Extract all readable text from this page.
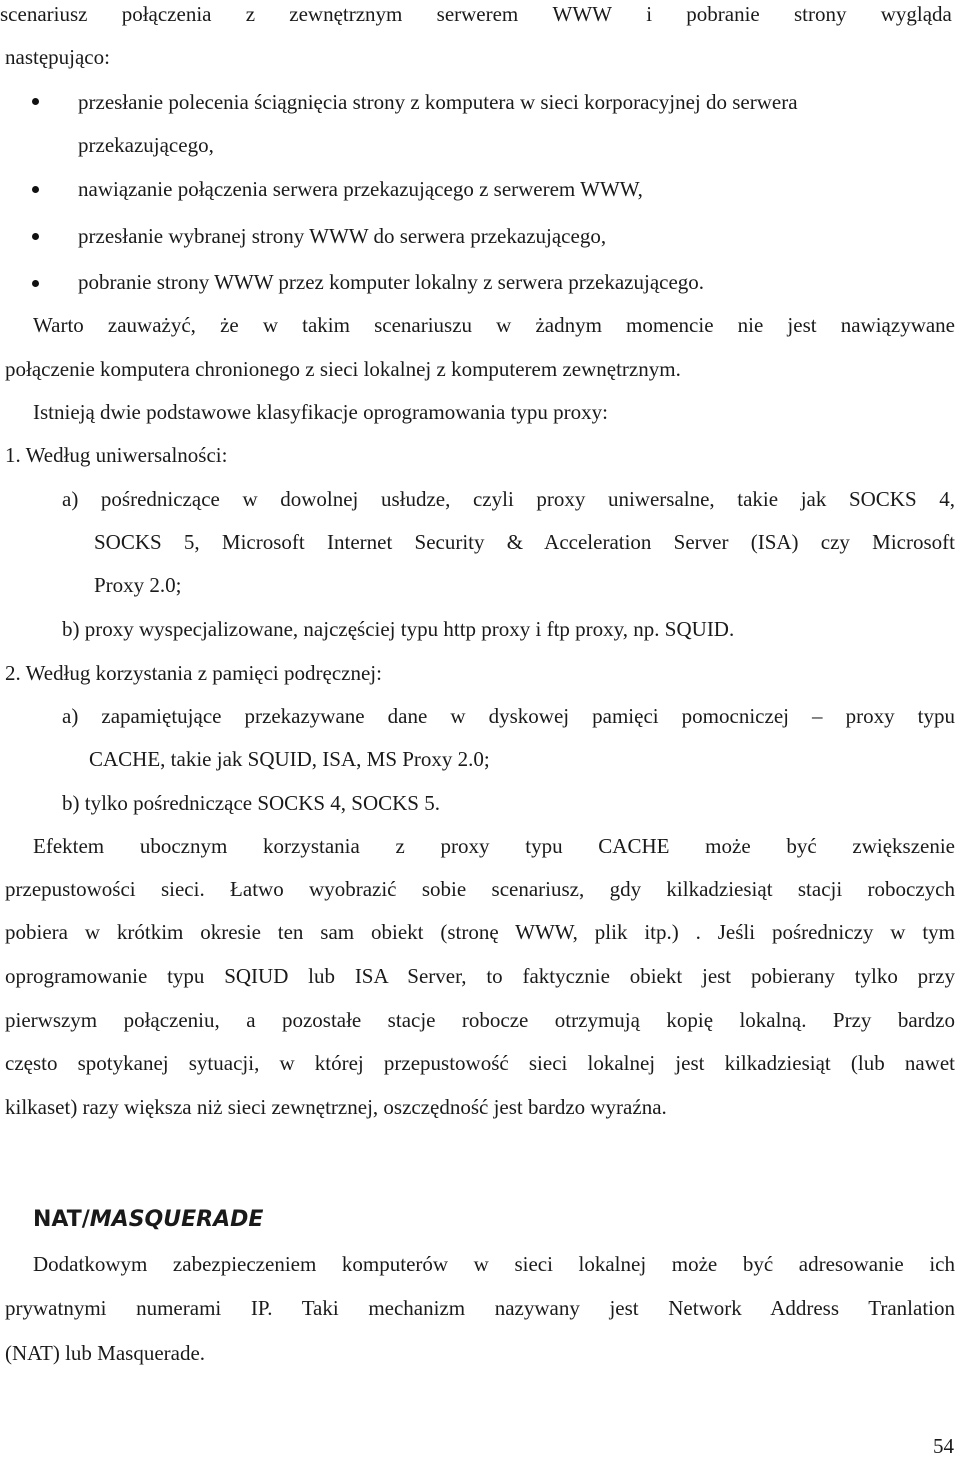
scenariusz połączenia z zewnętrznym serwerem WWW i pobranie strony wygląda
następująco:
przesłanie polecenia ściągnięcia strony z komputera w sieci korporacyjnej do serwera
przekazującego,
nawiązanie połączenia serwera przekazującego z serwerem WWW,
przesłanie wybranej strony WWW do serwera przekazującego,
pobranie strony WWW przez komputer lokalny z serwera przekazującego.
Warto zauważyć, że w takim scenariuszu w żadnym momencie nie jest nawiązywane
połączenie komputera chronionego z sieci lokalnej z komputerem zewnętrznym.
Istnieją dwie podstawowe klasyfikacje oprogramowania typu proxy:
1. Według uniwersalności:
a) pośredniczące w dowolnej usłudze, czyli proxy uniwersalne, takie jak SOCKS 4,
SOCKS 5, Microsoft Internet Security & Acceleration Server (ISA) czy Microsoft
Proxy 2.0;
b) proxy wyspecjalizowane, najczęściej typu http proxy i ftp proxy, np. SQUID.
2. Według korzystania z pamięci podręcznej:
a) zapamiętujące przekazywane dane w dyskowej pamięci pomocniczej – proxy typu
CACHE, takie jak SQUID, ISA, MS Proxy 2.0;
b) tylko pośredniczące SOCKS 4, SOCKS 5.
Efektem ubocznym korzystania z proxy typu CACHE może być zwiększenie
przepustowości sieci. Łatwo wyobrazić sobie scenariusz, gdy kilkadziesiąt stacji roboczych
pobiera w krótkim okresie ten sam obiekt (stronę WWW, plik itp.) . Jeśli pośredniczy w tym
oprogramowanie typu SQIUD lub ISA Server, to faktycznie obiekt jest pobierany tylko przy
pierwszym połączeniu, a pozostałe stacje robocze otrzymują kopię lokalną. Przy bardzo
często spotykanej sytuacji, w której przepustowość sieci lokalnej jest kilkadziesiąt (lub nawet
kilkaset) razy większa niż sieci zewnętrznej, oszczędność jest bardzo wyraźna.
NAT/MASQUERADE
Dodatkowym zabezpieczeniem komputerów w sieci lokalnej może być adresowanie ich
prywatnymi numerami IP. Taki mechanizm nazywany jest Network Address Tranlation
(NAT) lub Masquerade.
54
